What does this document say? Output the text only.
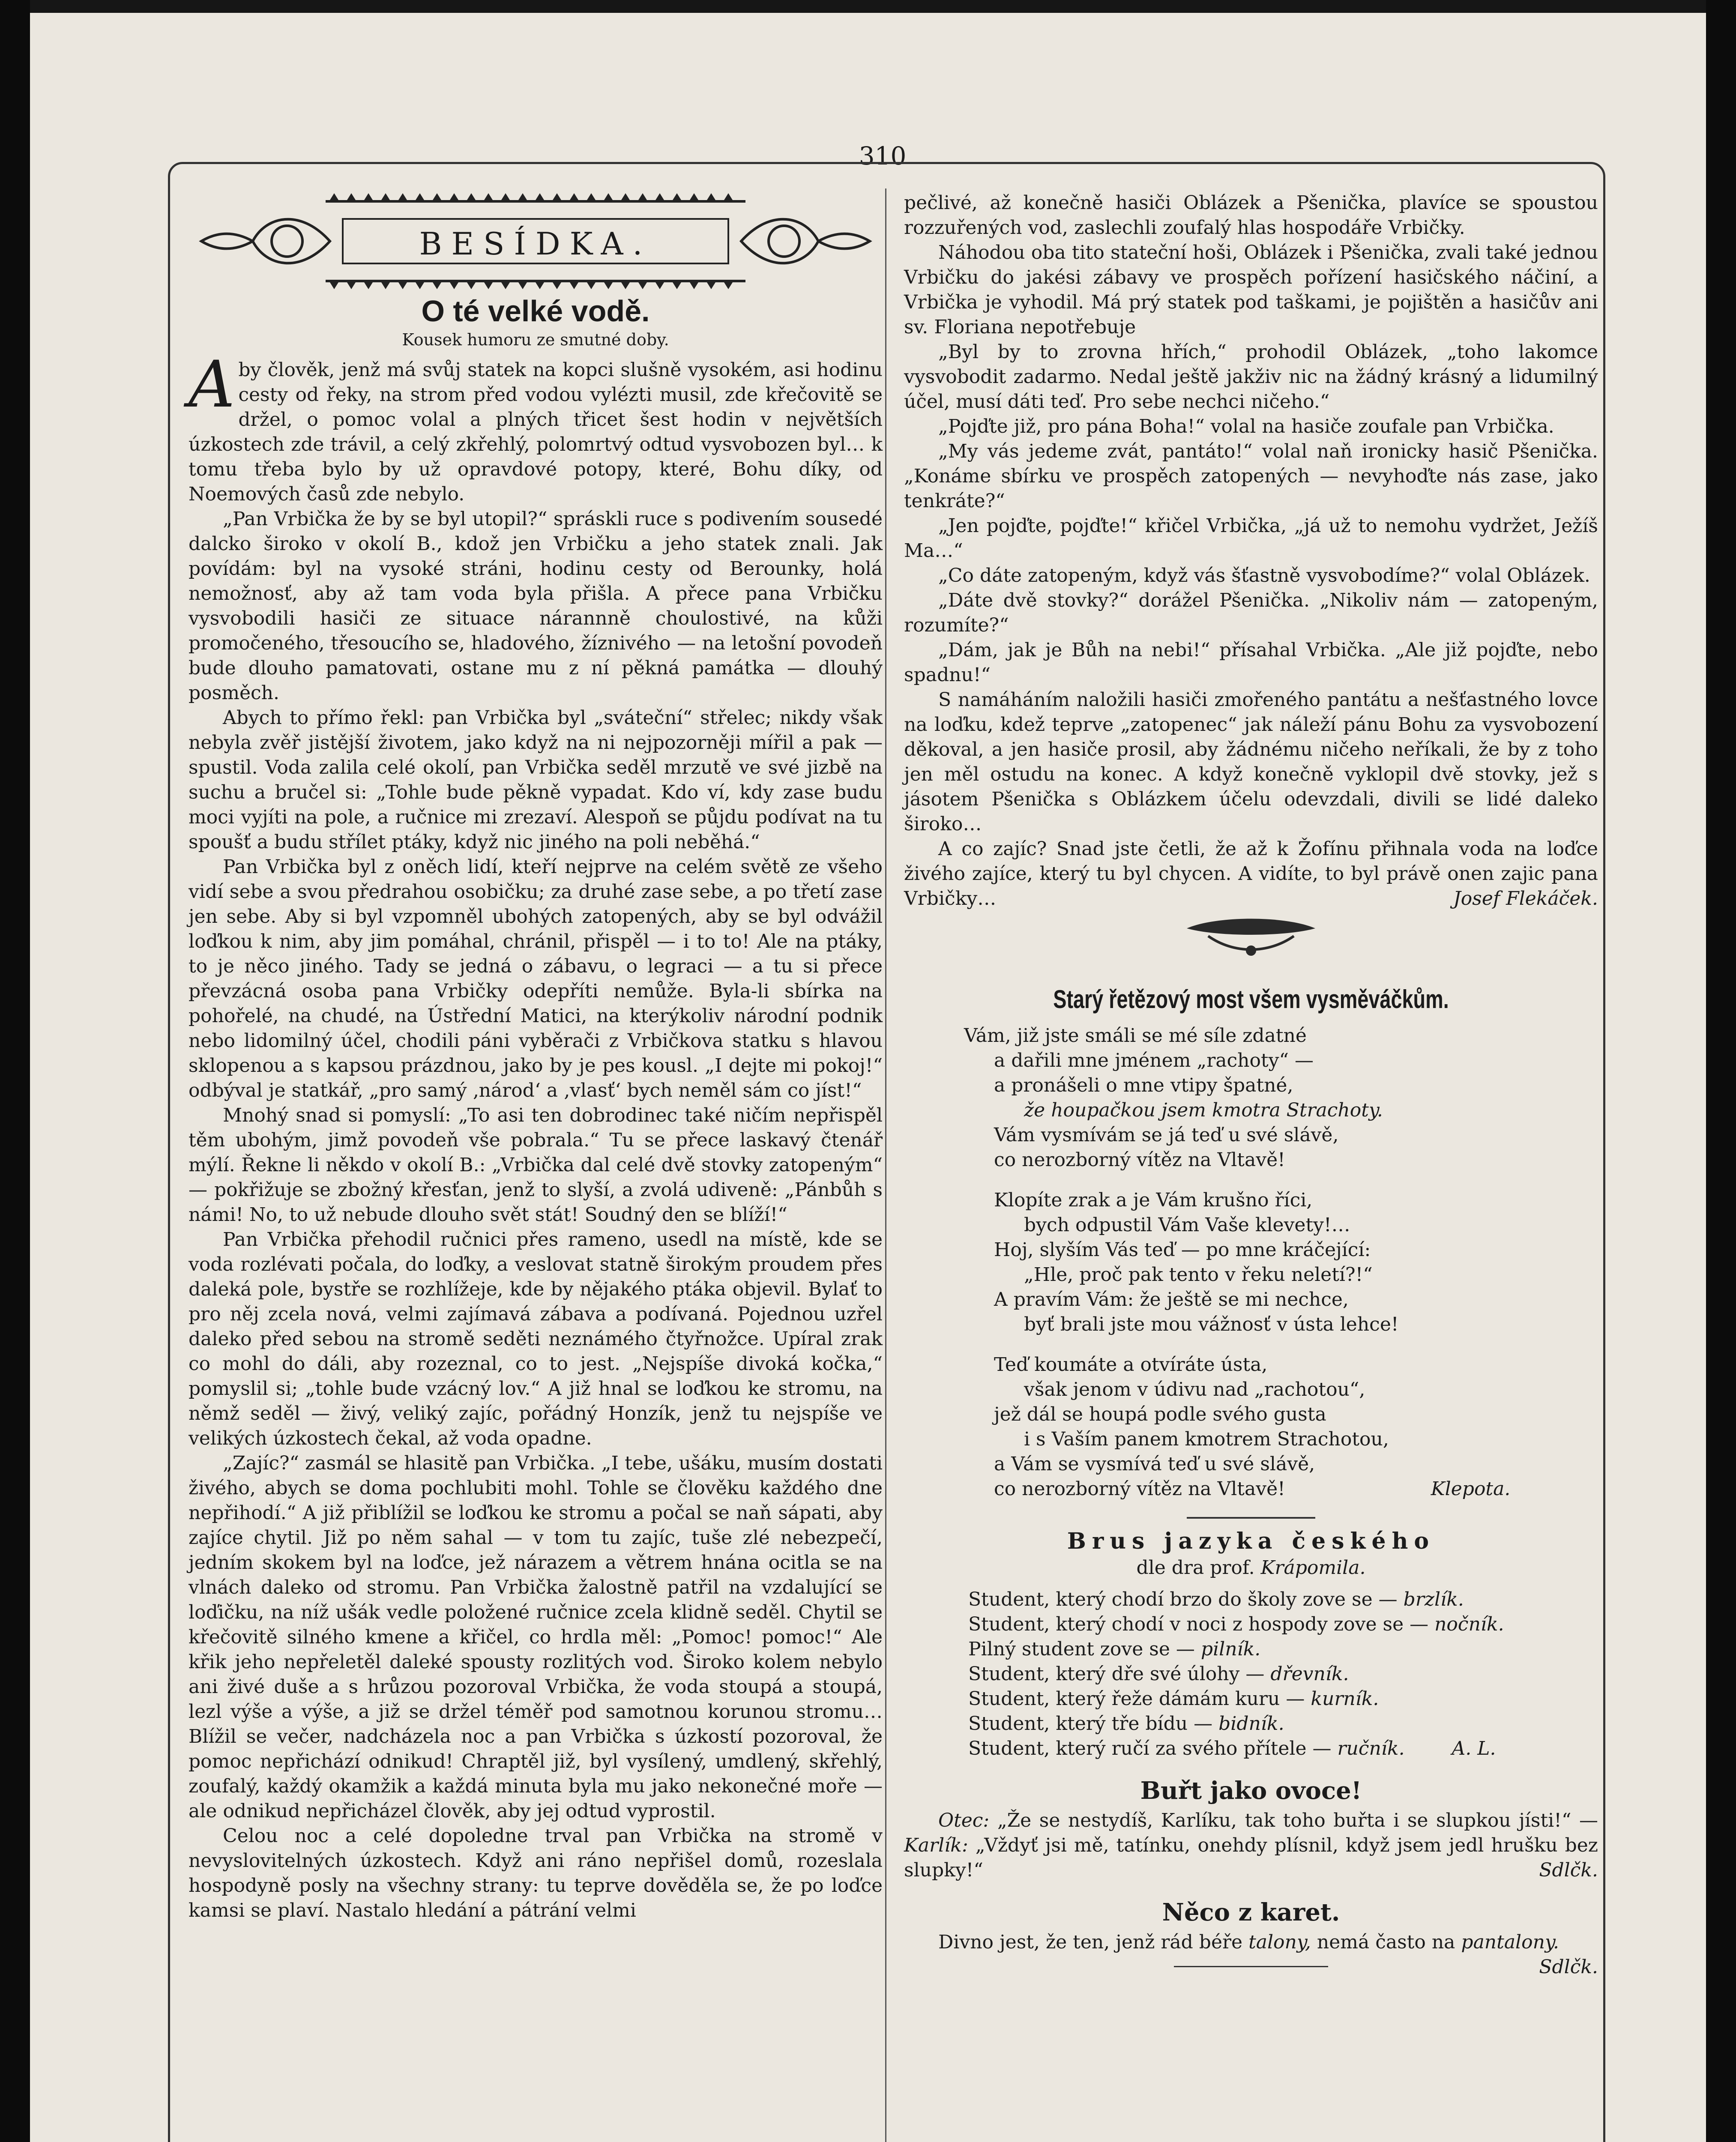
310
BESÍDKA.
O té velké vodě.
Kousek humoru ze smutné doby.

Aby člověk, jenž má svůj statek na kopci slušně vysokém, asi hodinu cesty od řeky, na strom před vodou vylézti musil, zde křečovitě se držel, o pomoc volal a plných třicet šest hodin v největších úzkostech zde trávil, a celý zkřehlý, polomrtvý odtud vysvobozen byl… k tomu třeba bylo by už opravdové potopy, které, Bohu díky, od Noemových časů zde nebylo.

„Pan Vrbička že by se byl utopil?“ spráskli ruce s podivením sousedé dalcko široko v okolí B., kdož jen Vrbičku a jeho statek znali. Jak povídám: byl na vysoké stráni, hodinu cesty od Berounky, holá nemožnosť, aby až tam voda byla přišla. A přece pana Vrbičku vysvobodili hasiči ze situace nárannně choulostivé, na kůži promočeného, třesoucího se, hladového, žíznivého — na letošní povodeň bude dlouho pamatovati, ostane mu z ní pěkná památka — dlouhý posměch.

Abych to přímo řekl: pan Vrbička byl „sváteční“ střelec; nikdy však nebyla zvěř jistější životem, jako když na ni nejpozorněji mířil a pak — spustil. Voda zalila celé okolí, pan Vrbička seděl mrzutě ve své jizbě na suchu a bručel si: „Tohle bude pěkně vypadat. Kdo ví, kdy zase budu moci vyjíti na pole, a ručnice mi zrezaví. Alespoň se půjdu podívat na tu spoušť a budu střílet ptáky, když nic jiného na poli neběhá.“

Pan Vrbička byl z oněch lidí, kteří nejprve na celém světě ze všeho vidí sebe a svou předrahou osobičku; za druhé zase sebe, a po třetí zase jen sebe. Aby si byl vzpomněl ubohých zatopených, aby se byl odvážil loďkou k nim, aby jim pomáhal, chránil, přispěl — i to to! Ale na ptáky, to je něco jiného. Tady se jedná o zábavu, o legraci — a tu si přece převzácná osoba pana Vrbičky odepříti nemůže. Byla-li sbírka na pohořelé, na chudé, na Ústřední Matici, na kterýkoliv národní podnik nebo lidomilný účel, chodili páni vyběrači z Vrbičkova statku s hlavou sklopenou a s kapsou prázdnou, jako by je pes kousl. „I dejte mi pokoj!“ odbýval je statkář, „pro samý ‚národ‘ a ‚vlasť‘ bych neměl sám co jíst!“

Mnohý snad si pomyslí: „To asi ten dobrodinec také ničím nepřispěl těm ubohým, jimž povodeň vše pobrala.“ Tu se přece laskavý čtenář mýlí. Řekne li někdo v okolí B.: „Vrbička dal celé dvě stovky zatopeným“ — pokřižuje se zbožný křesťan, jenž to slyší, a zvolá udiveně: „Pánbůh s námi! No, to už nebude dlouho svět stát! Soudný den se blíží!“

Pan Vrbička přehodil ručnici přes rameno, usedl na místě, kde se voda rozlévati počala, do loďky, a veslovat statně širokým proudem přes daleká pole, bystře se rozhlížeje, kde by nějakého ptáka objevil. Bylať to pro něj zcela nová, velmi zajímavá zábava a podívaná. Pojednou uzřel daleko před sebou na stromě seděti neznámého čtyřnožce. Upíral zrak co mohl do dáli, aby rozeznal, co to jest. „Nejspíše divoká kočka,“ pomyslil si; „tohle bude vzácný lov.“ A již hnal se loďkou ke stromu, na němž seděl — živý, veliký zajíc, pořádný Honzík, jenž tu nejspíše ve velikých úzkostech čekal, až voda opadne.

„Zajíc?“ zasmál se hlasitě pan Vrbička. „I tebe, ušáku, musím dostati živého, abych se doma pochlubiti mohl. Tohle se člověku každého dne nepřihodí.“ A již přiblížil se loďkou ke stromu a počal se naň sápati, aby zajíce chytil. Již po něm sahal — v tom tu zajíc, tuše zlé nebezpečí, jedním skokem byl na loďce, jež nárazem a větrem hnána ocitla se na vlnách daleko od stromu. Pan Vrbička žalostně patřil na vzdalující se loďičku, na níž ušák vedle položené ručnice zcela klidně seděl. Chytil se křečovitě silného kmene a křičel, co hrdla měl: „Pomoc! pomoc!“ Ale křik jeho nepřeletěl daleké spousty rozlitých vod. Široko kolem nebylo ani živé duše a s hrůzou pozoroval Vrbička, že voda stoupá a stoupá, lezl výše a výše, a již se držel téměř pod samotnou korunou stromu… Blížil se večer, nadcházela noc a pan Vrbička s úzkostí pozoroval, že pomoc nepřichází odnikud! Chraptěl již, byl vysílený, umdlený, skřehlý, zoufalý, každý okamžik a každá minuta byla mu jako nekonečné moře — ale odnikud nepřicházel člověk, aby jej odtud vyprostil.

Celou noc a celé dopoledne trval pan Vrbička na stromě v nevyslovitelných úzkostech. Když ani ráno nepřišel domů, rozeslala hospodyně posly na všechny strany: tu teprve dověděla se, že po loďce kamsi se plaví. Nastalo hledání a pátrání velmi

pečlivé, až konečně hasiči Oblázek a Pšenička, plavíce se spoustou rozzuřených vod, zaslechli zoufalý hlas hospodáře Vrbičky.

Náhodou oba tito stateční hoši, Oblázek i Pšenička, zvali také jednou Vrbičku do jakési zábavy ve prospěch pořízení hasičského náčiní, a Vrbička je vyhodil. Má prý statek pod taškami, je pojištěn a hasičův ani sv. Floriana nepotřebuje

„Byl by to zrovna hřích,“ prohodil Oblázek, „toho lakomce vysvobodit zadarmo. Nedal ještě jakživ nic na žádný krásný a lidumilný účel, musí dáti teď. Pro sebe nechci ničeho.“

„Pojďte již, pro pána Boha!“ volal na hasiče zoufale pan Vrbička.

„My vás jedeme zvát, pantáto!“ volal naň ironicky hasič Pšenička. „Konáme sbírku ve prospěch zatopených — nevyhoďte nás zase, jako tenkráte?“

„Jen pojďte, pojďte!“ křičel Vrbička, „já už to nemohu vydržet, Ježíš Ma…“

„Co dáte zatopeným, když vás šťastně vysvobodíme?“ volal Oblázek.

„Dáte dvě stovky?“ dorážel Pšenička. „Nikoliv nám — zatopeným, rozumíte?“

„Dám, jak je Bůh na nebi!“ přísahal Vrbička. „Ale již pojďte, nebo spadnu!“

S namáháním naložili hasiči zmořeného pantátu a nešťastného lovce na loďku, kdež teprve „zatopenec“ jak náleží pánu Bohu za vysvobození děkoval, a jen hasiče prosil, aby žádnému ničeho neříkali, že by z toho jen měl ostudu na konec. A když konečně vyklopil dvě stovky, jež s jásotem Pšenička s Oblázkem účelu odevzdali, divili se lidé daleko široko…

A co zajíc? Snad jste četli, že až k Žofínu přihnala voda na loďce živého zajíce, který tu byl chycen. A vidíte, to byl právě onen zajic pana Vrbičky…	Josef Flekáček.

Starý řetězový most všem vysměváčkům.
Vám, již jste smáli se mé síle zdatné
a dařili mne jménem „rachoty“ —
a pronášeli o mne vtipy špatné,
že houpačkou jsem kmotra Strachoty.
Vám vysmívám se já teď u své slávě,
co nerozborný vítěz na Vltavě!
Klopíte zrak a je Vám krušno říci,
bych odpustil Vám Vaše klevety!…
Hoj, slyším Vás teď — po mne kráčející:
„Hle, proč pak tento v řeku neletí?!“
A pravím Vám: že ještě se mi nechce,
byť brali jste mou vážnosť v ústa lehce!
Teď koumáte a otvíráte ústa,
však jenom v údivu nad „rachotou“,
jež dál se houpá podle svého gusta
i s Vaším panem kmotrem Strachotou,
a Vám se vysmívá teď u své slávě,
co nerozborný vítěz na Vltavě!	Klepota.
Brus jazyka českého
dle dra prof. Krápomila.
Student, který chodí brzo do školy zove se — brzlík.
Student, který chodí v noci z hospody zove se — nočník.
Pilný student zove se — pilník.
Student, který dře své úlohy — dřevník.
Student, který řeže dámám kuru — kurník.
Student, který tře bídu — bidník.
Student, který ručí za svého přítele — ručník.	A. L.
Buřt jako ovoce!

Otec: „Že se nestydíš, Karlíku, tak toho buřta i se slupkou jísti!“ — Karlík: „Vždyť jsi mě, tatínku, onehdy plísnil, když jsem jedl hrušku bez slupky!“	Sdlčk.

Něco z karet.

Divno jest, že ten, jenž rád béře talony, nemá často na pantalony.
Sdlčk.
